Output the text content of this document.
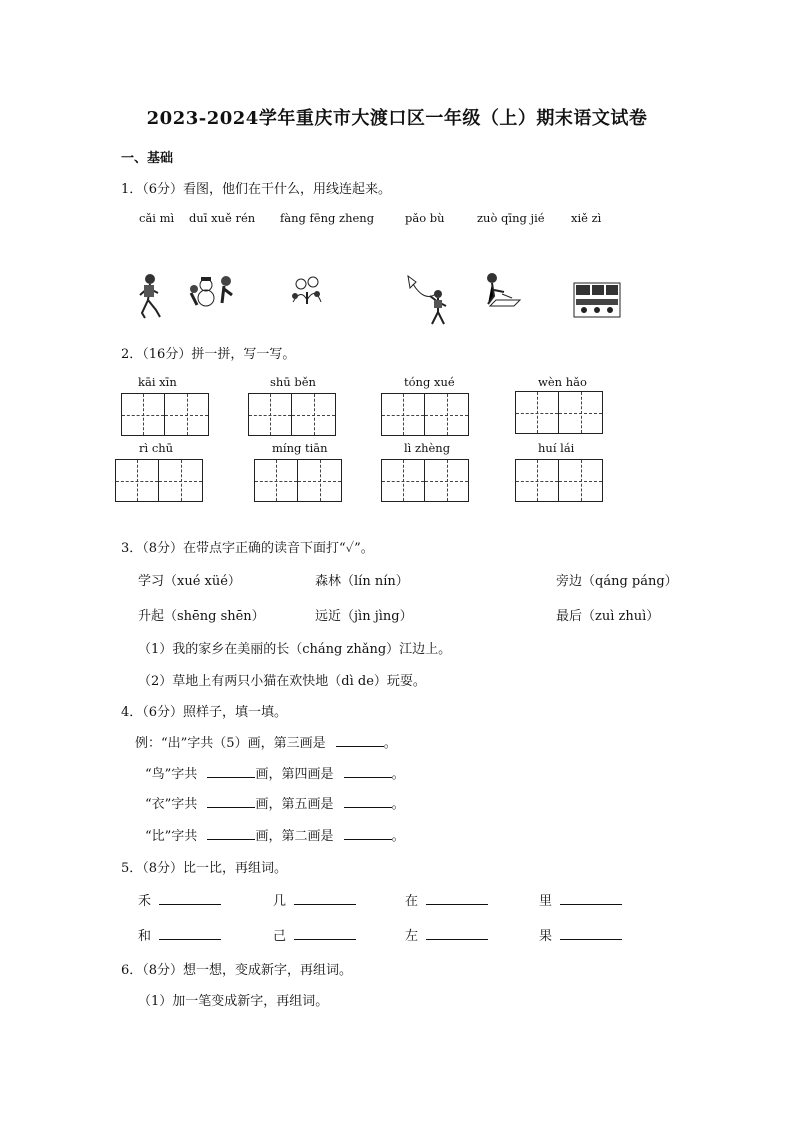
2023-2024学年重庆市大渡口区一年级（上）期末语文试卷
一、基础
1．（6分）看图，他们在干什么，用线连起来。
cǎi mì duī xuě rén fàng fēng zheng	pǎo bù	zuò qīng jié xiě zì
2．（16分）拼一拼，写一写。
kāi xīn	shū běn	tóng xué	wèn hǎo
rì chū	míng tiān	lì zhèng	huí lái
3．（8分）在带点字正确的读音下面打“✓”。
学习（xué xüé）	森林（lín nín）	旁边（qáng páng）
升起（shēng shēn）	远近（jìn jìng）	最后（zuì zhuì）
（1）我的家乡在美丽的长（cháng zhǎng）江边上。
（2）草地上有两只小猫在欢快地（dì de）玩耍。
4．（6分）照样子，填一填。
例：“出”字共（5）画，第三画是	。
“鸟”字共	画，第四画是	。
“衣”字共	画，第五画是	。
“比”字共	画，第二画是	。
5．（8分）比一比，再组词。
禾	几	在	里
和	己	左	果
6．（8分）想一想，变成新字，再组词。
（1）加一笔变成新字，再组词。
